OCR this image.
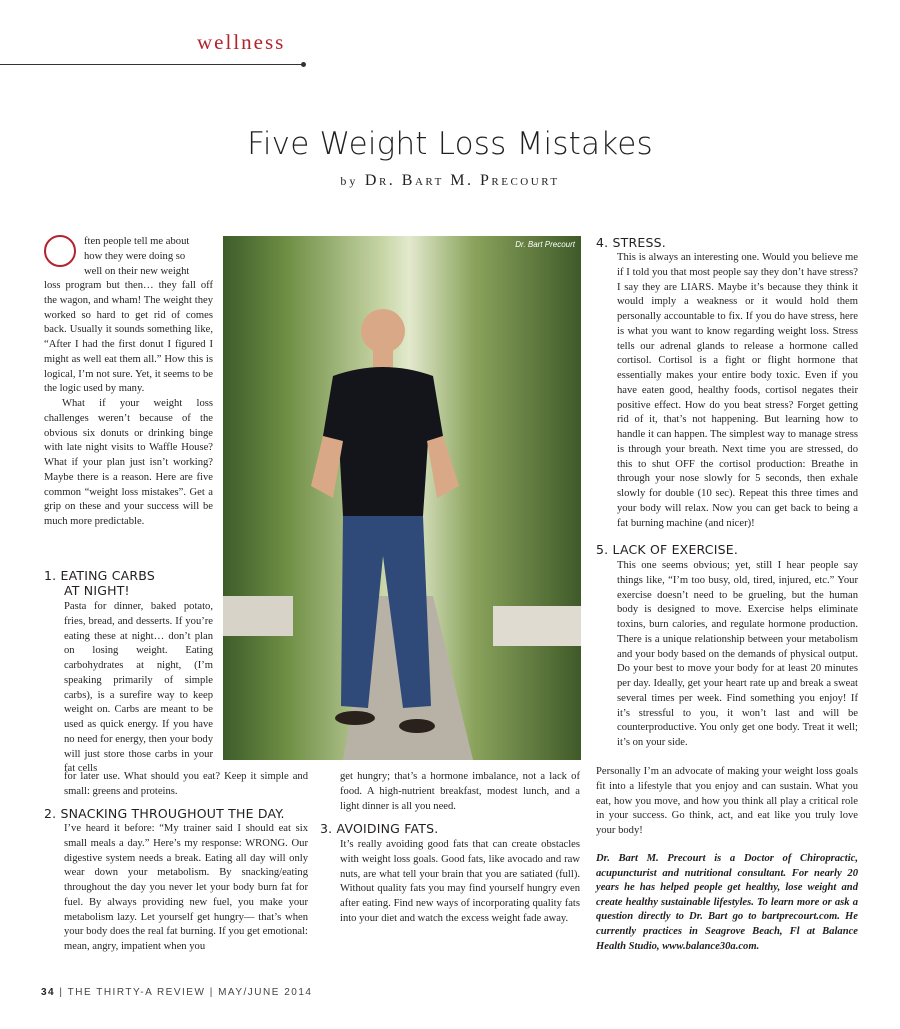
wellness
Five Weight Loss Mistakes
by Dr. Bart M. Precourt
ften people tell me about
how they were doing so
well on their new weight

loss program but then… they fall off the wagon, and wham! The weight they worked so hard to get rid of comes back. Usually it sounds something like, “After I had the first donut I figured I might as well eat them all.” How this is logical, I’m not sure. Yet, it seems to be the logic used by many.

What if your weight loss challenges weren’t because of the obvious six donuts or drinking binge with late night visits to Waffle House? What if your plan just isn’t working? Maybe there is a reason. Here are five common “weight loss mistakes”. Get a grip on these and your success will be much more predictable.

1. EATING CARBS
AT NIGHT!
Pasta for dinner, baked potato, fries, bread, and desserts. If you’re eating these at night… don’t plan on losing weight. Eating carbohydrates at night, (I’m speaking primarily of simple carbs), is a surefire way to keep weight on. Carbs are meant to be used as quick energy. If you have no need for energy, then your body will just store those carbs in your fat cells
for later use. What should you eat? Keep it simple and small: greens and proteins.
2. SNACKING THROUGHOUT THE DAY.
I’ve heard it before: “My trainer said I should eat six small meals a day.” Here’s my response: WRONG. Our digestive system needs a break. Eating all day will only wear down your metabolism. By snacking/eating throughout the day you never let your body burn fat for fuel. By always providing new fuel, you make your metabolism lazy. Let yourself get hungry— that’s when your body does the real fat burning. If you get emotional: mean, angry, impatient when you
Dr. Bart Precourt
get hungry; that’s a hormone imbalance, not a lack of food. A high-nutrient breakfast, modest lunch, and a light dinner is all you need.
3. AVOIDING FATS.
It’s really avoiding good fats that can create obstacles with weight loss goals. Good fats, like avocado and raw nuts, are what tell your brain that you are satiated (full). Without quality fats you may find yourself hungry even after eating. Find new ways of incorporating quality fats into your diet and watch the excess weight fade away.
4. STRESS.
This is always an interesting one. Would you believe me if I told you that most people say they don’t have stress? I say they are LIARS. Maybe it’s because they think it would imply a weakness or it would hold them personally accountable to fix. If you do have stress, here is what you want to know regarding weight loss. Stress tells our adrenal glands to release a hormone called cortisol. Cortisol is a fight or flight hormone that essentially makes your entire body toxic. Even if you have eaten good, healthy foods, cortisol negates their positive effect. How do you beat stress? Forget getting rid of it, that’s not happening. But learning how to handle it can happen. The simplest way to manage stress is through your breath. Next time you are stressed, do this to shut OFF the cortisol production: Breathe in through your nose slowly for 5 seconds, then exhale slowly for double (10 sec). Repeat this three times and your body will relax. Now you can get back to being a fat burning machine (and nicer)!
5. LACK OF EXERCISE.
This one seems obvious; yet, still I hear people say things like, “I’m too busy, old, tired, injured, etc.” Your exercise doesn’t need to be grueling, but the human body is designed to move. Exercise helps eliminate toxins, burn calories, and regulate hormone production. There is a unique relationship between your metabolism and your body based on the demands of physical output. Do your best to move your body for at least 20 minutes per day. Ideally, get your heart rate up and break a sweat several times per week. Find something you enjoy! If it’s stressful to you, it won’t last and will be counterproductive. You only get one body. Treat it well; it’s on your side.
Personally I’m an advocate of making your weight loss goals fit into a lifestyle that you enjoy and can sustain. What you eat, how you move, and how you think all play a critical role in your success. Go think, act, and eat like you truly love your body!
Dr. Bart M. Precourt is a Doctor of Chiropractic, acupuncturist and nutritional consultant. For nearly 20 years he has helped people get healthy, lose weight and create healthy sustainable lifestyles. To learn more or ask a question directly to Dr. Bart go to bartprecourt.com. He currently practices in Seagrove Beach, Fl at Balance Health Studio, www.balance30a.com.
34 | THE THIRTY-A REVIEW | MAY/JUNE 2014
